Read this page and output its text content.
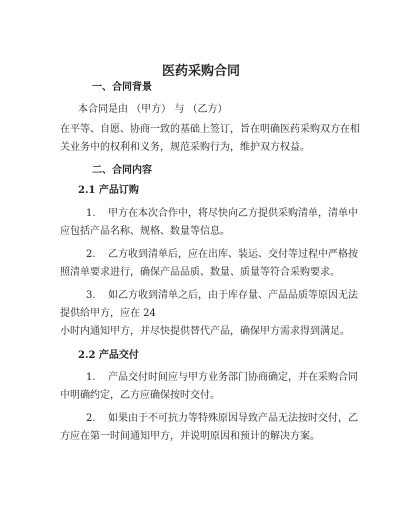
医药采购合同
一、合同背景
本合同是由 （甲方） 与 （乙方）
在平等、自愿、协商一致的基础上签订，旨在明确医药采购双方在相
关业务中的权利和义务，规范采购行为，维护双方权益。
二、合同内容
2.1 产品订购
1. 甲方在本次合作中，将尽快向乙方提供采购清单，清单中
应包括产品名称、规格、数量等信息。
2. 乙方收到清单后，应在出库、装运、交付等过程中严格按
照清单要求进行，确保产品品质、数量、质量等符合采购要求。
3. 如乙方收到清单之后，由于库存量、产品品质等原因无法
提供给甲方，应在 24
小时内通知甲方，并尽快提供替代产品，确保甲方需求得到满足。
2.2 产品交付
1. 产品交付时间应与甲方业务部门协商确定，并在采购合同
中明确约定，乙方应确保按时交付。
2. 如果由于不可抗力等特殊原因导致产品无法按时交付，乙
方应在第一时间通知甲方，并说明原因和预计的解决方案。
